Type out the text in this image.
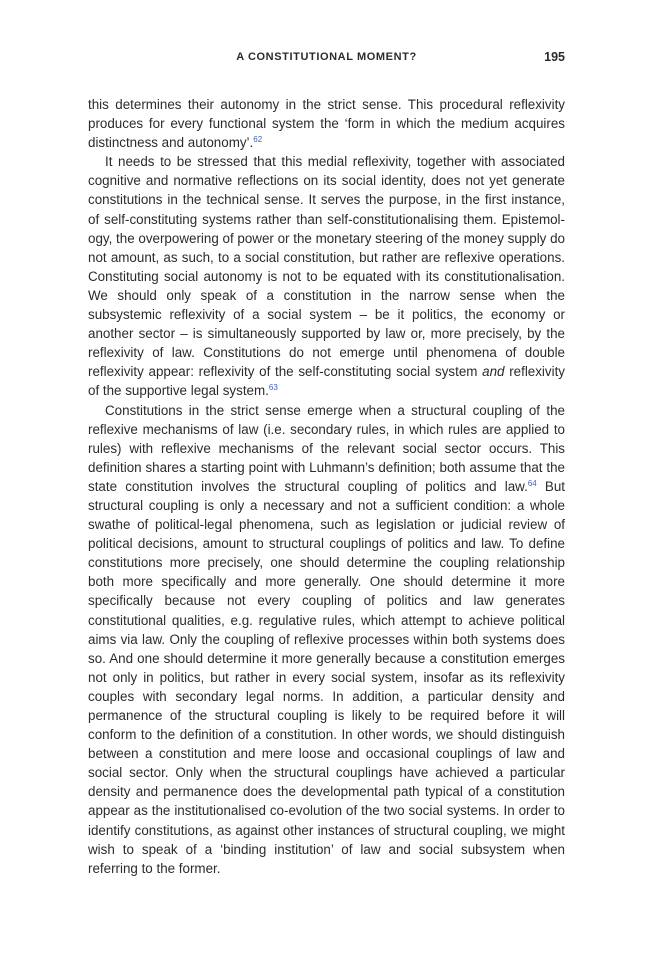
A CONSTITUTIONAL MOMENT?	195

this determines their autonomy in the strict sense. This procedural reflexivity produces for every functional system the ‘form in which the medium acquires distinctness and autonomy’.$^{62}$

It needs to be stressed that this medial reflexivity, together with associated cognitive and normative reflections on its social identity, does not yet generate constitutions in the technical sense. It serves the purpose, in the first instance, of self-constituting systems rather than self-constitutionalising them. Epistemology, the overpowering of power or the monetary steering of the money supply do not amount, as such, to a social constitution, but rather are reflexive operations. Constituting social autonomy is not to be equated with its constitutionalisation. We should only speak of a constitution in the narrow sense when the subsystemic reflexivity of a social system – be it politics, the economy or another sector – is simultaneously supported by law or, more precisely, by the reflexivity of law. Constitutions do not emerge until phenomena of double reflexivity appear: reflexivity of the self-constituting social system and reflexivity of the supportive legal system.$^{63}$

Constitutions in the strict sense emerge when a structural coupling of the reflexive mechanisms of law (i.e. secondary rules, in which rules are applied to rules) with reflexive mechanisms of the relevant social sector occurs. This definition shares a starting point with Luhmann’s definition; both assume that the state constitution involves the structural coupling of politics and law.$^{64}$ But structural coupling is only a necessary and not a sufficient condition: a whole swathe of political-legal phenomena, such as legislation or judicial review of political decisions, amount to structural couplings of politics and law. To define constitutions more precisely, one should determine the coupling relationship both more specifically and more generally. One should determine it more specifically because not every coupling of politics and law generates constitutional qualities, e.g. regulative rules, which attempt to achieve political aims via law. Only the coupling of reflexive processes within both systems does so. And one should determine it more generally because a constitution emerges not only in politics, but rather in every social system, insofar as its reflexivity couples with secondary legal norms. In addition, a particular density and permanence of the structural coupling is likely to be required before it will conform to the definition of a constitution. In other words, we should distinguish between a constitution and mere loose and occasional couplings of law and social sector. Only when the structural couplings have achieved a particular density and permanence does the developmental path typical of a constitution appear as the institutionalised co-evolution of the two social systems. In order to identify constitutions, as against other instances of structural coupling, we might wish to speak of a ‘binding institution’ of law and social subsystem when referring to the former.
